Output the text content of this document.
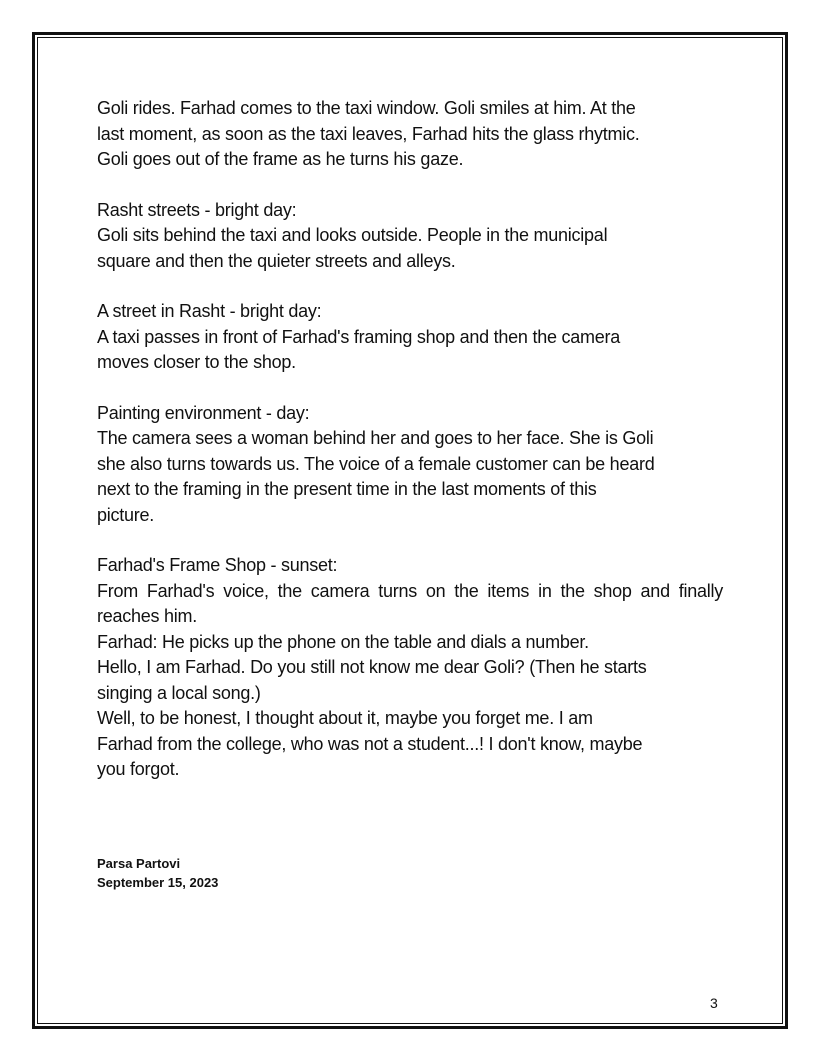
Goli rides. Farhad comes to the taxi window. Goli smiles at him. At the
last moment, as soon as the taxi leaves, Farhad hits the glass rhytmic.
Goli goes out of the frame as he turns his gaze.

Rasht streets - bright day:
Goli sits behind the taxi and looks outside. People in the municipal
square and then the quieter streets and alleys.

A street in Rasht - bright day:
A taxi passes in front of Farhad's framing shop and then the camera
moves closer to the shop.

Painting environment - day:
The camera sees a woman behind her and goes to her face. She is Goli
she also turns towards us. The voice of a female customer can be heard
next to the framing in the present time in the last moments of this
picture.

Farhad's Frame Shop - sunset:
From Farhad's voice, the camera turns on the items in the shop and finally reaches him.
Farhad: He picks up the phone on the table and dials a number.
Hello, I am Farhad. Do you still not know me dear Goli? (Then he starts
singing a local song.)
Well, to be honest, I thought about it, maybe you forget me. I am
Farhad from the college, who was not a student...! I don't know, maybe
you forgot.
Parsa Partovi
September 15, 2023
3
